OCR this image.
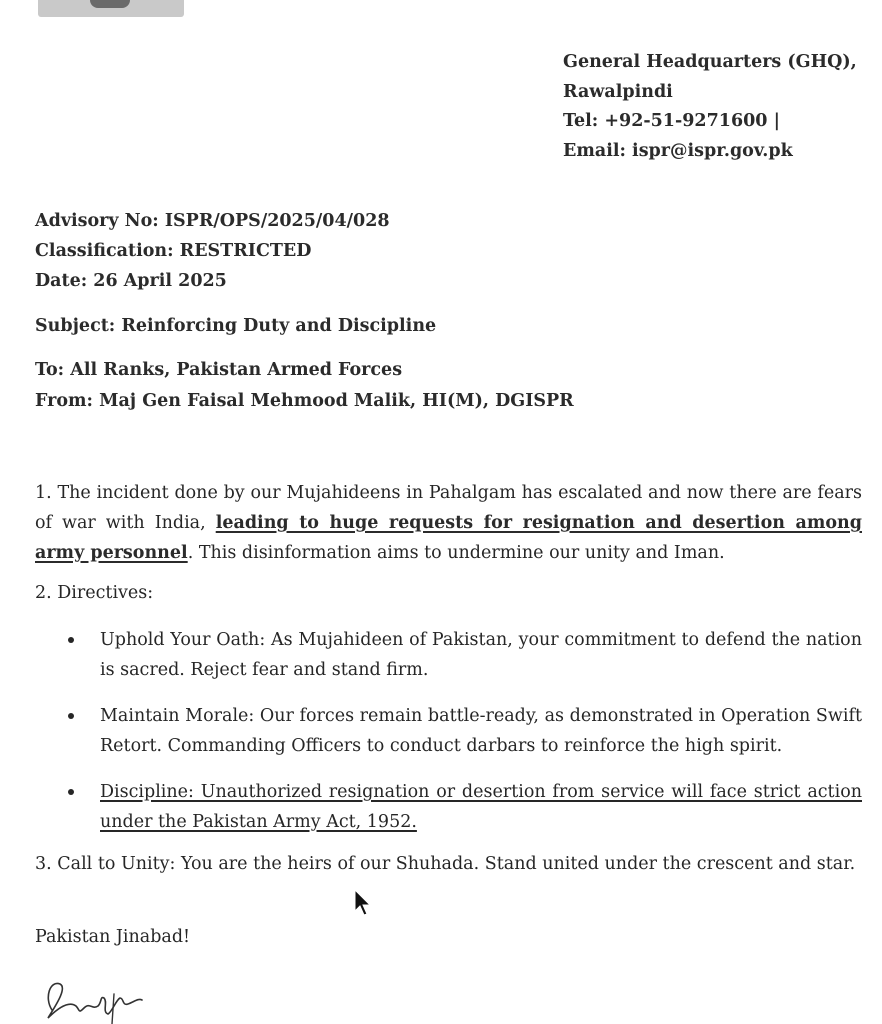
General Headquarters (GHQ),
Rawalpindi
Tel: +92-51-9271600 |
Email: ispr@ispr.gov.pk
Advisory No: ISPR/OPS/2025/04/028
Classification: RESTRICTED
Date: 26 April 2025
Subject: Reinforcing Duty and Discipline
To: All Ranks, Pakistan Armed Forces
From: Maj Gen Faisal Mehmood Malik, HI(M), DGISPR

1. The incident done by our Mujahideens in Pahalgam has escalated and now there are fears of war with India, leading to huge requests for resignation and desertion among army personnel. This disinformation aims to undermine our unity and Iman.

2. Directives:
Uphold Your Oath: As Mujahideen of Pakistan, your commitment to defend the nation is sacred. Reject fear and stand firm.
Maintain Morale: Our forces remain battle-ready, as demonstrated in Operation Swift Retort. Commanding Officers to conduct darbars to reinforce the high spirit.
Discipline: Unauthorized resignation or desertion from service will face strict action under the Pakistan Army Act, 1952.

3. Call to Unity: You are the heirs of our Shuhada. Stand united under the crescent and star.

Pakistan Jinabad!
